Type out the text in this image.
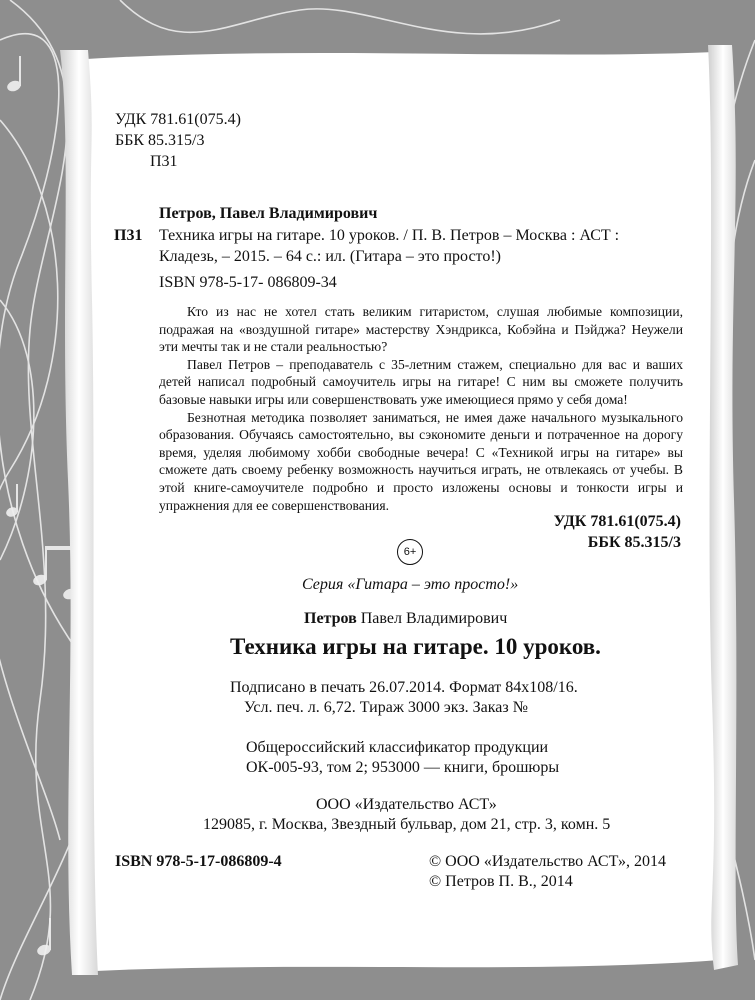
УДК 781.61(075.4)
ББК 85.315/3
П31
Петров, Павел Владимирович
П31 Техника игры на гитаре. 10 уроков. / П. В. Петров – Москва : АСТ :
Кладезь, – 2015. – 64 с.: ил. (Гитара – это просто!)
ISBN 978-5-17- 086809-34

Кто из нас не хотел стать великим гитаристом, слушая любимые композиции, подражая на «воздушной гитаре» мастерству Хэндрикса, Кобэйна и Пэйджа? Неужели эти мечты так и не стали реальностью?

Павел Петров – преподаватель с 35-летним стажем, специально для вас и ваших детей написал подробный самоучитель игры на гитаре! С ним вы сможете получить базовые навыки игры или совершенствовать уже имеющиеся прямо у себя дома!

Безнотная методика позволяет заниматься, не имея даже начального музыкального образования. Обучаясь самостоятельно, вы сэкономите деньги и потраченное на дорогу время, уделяя любимому хобби свободные вечера! С «Техникой игры на гитаре» вы сможете дать своему ребенку возможность научиться играть, не отвлекаясь от учебы. В этой книге-самоучителе подробно и просто изложены основы и тонкости игры и упражнения для ее совершенствования.

УДК 781.61(075.4)
ББК 85.315/3
6+
Серия «Гитара – это просто!»
Петров Павел Владимирович
Техника игры на гитаре. 10 уроков.
Подписано в печать 26.07.2014. Формат 84х108/16.
Усл. печ. л. 6,72. Тираж 3000 экз. Заказ №
Общероссийский классификатор продукции
ОК-005-93, том 2; 953000 — книги, брошюры
ООО «Издательство АСТ»
129085, г. Москва, Звездный бульвар, дом 21, стр. 3, комн. 5
ISBN 978-5-17-086809-4	© ООО «Издательство АСТ», 2014
© Петров П. В., 2014
